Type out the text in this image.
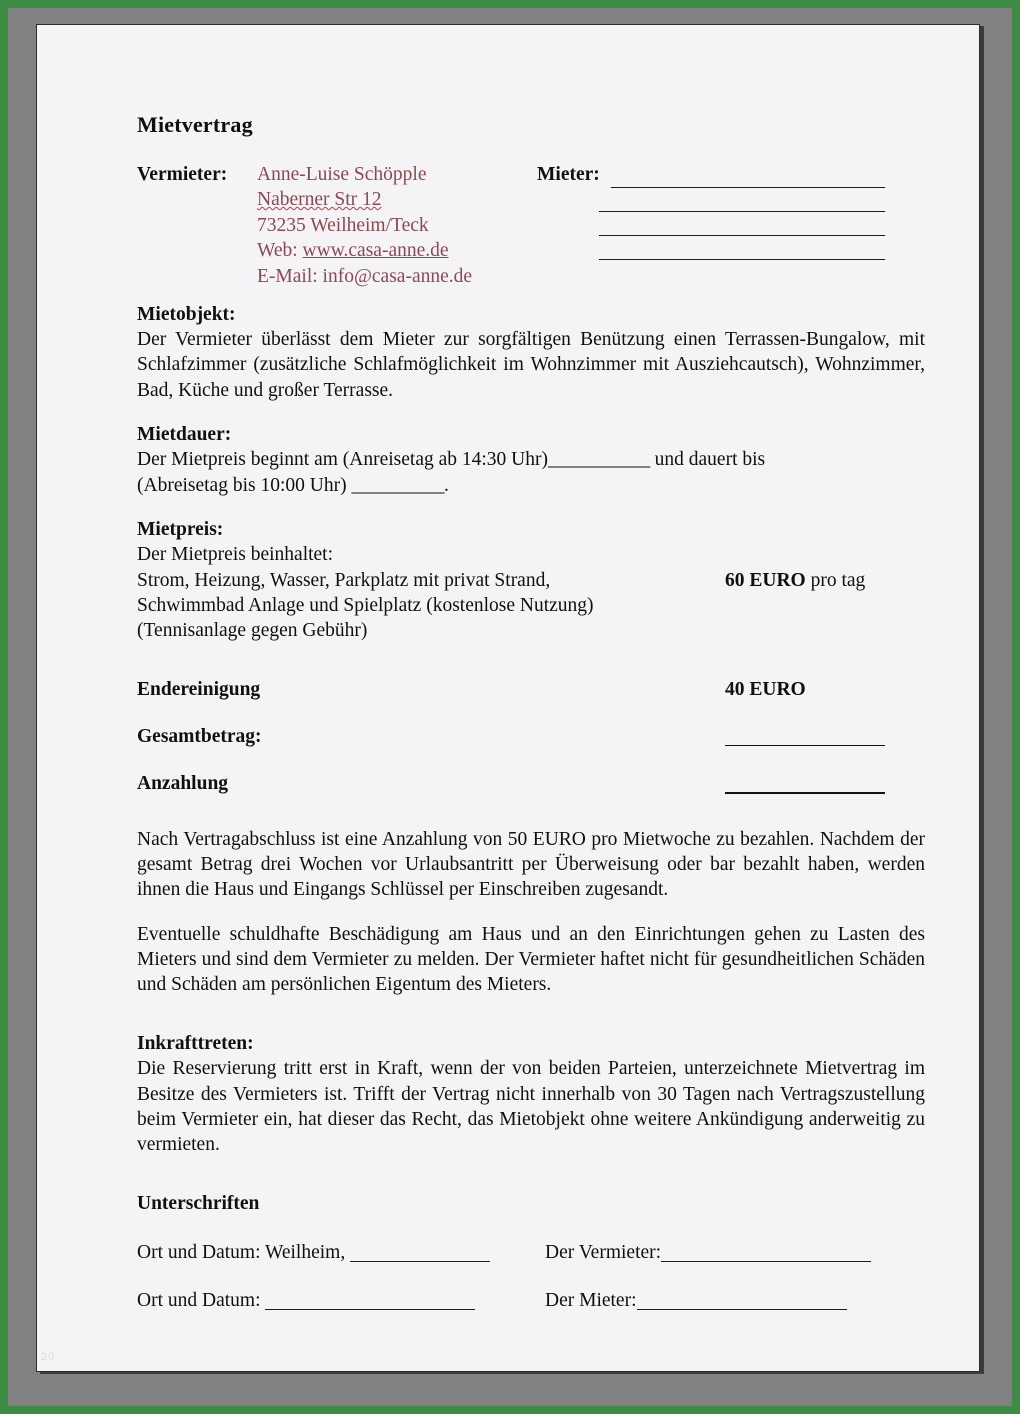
20
Mietvertrag
Vermieter: Anne-Luise Schöpple
Naberner Str 12
73235 Weilheim/Teck
Web: www.casa-anne.de
E-Mail: info@casa-anne.de
Mieter:
Mietobjekt:

Der Vermieter überlässt dem Mieter zur sorgfältigen Benützung einen Terrassen-Bungalow, mit Schlafzimmer (zusätzliche Schlafmöglichkeit im Wohnzimmer mit Ausziehcautsch), Wohnzimmer, Bad, Küche und großer Terrasse.

Mietdauer:

Der Mietpreis beginnt am (Anreisetag ab 14:30 Uhr)___________ und dauert bis

(Abreisetag bis 10:00 Uhr) __________.

Mietpreis:

Der Mietpreis beinhaltet:

Strom, Heizung, Wasser, Parkplatz mit privat Strand,	60 EURO pro tag

Schwimmbad Anlage und Spielplatz (kostenlose Nutzung)

(Tennisanlage gegen Gebühr)

Endereinigung	40 EURO
Gesamtbetrag:
Anzahlung

Nach Vertragabschluss ist eine Anzahlung von 50 EURO pro Mietwoche zu bezahlen. Nachdem der gesamt Betrag drei Wochen vor Urlaubsantritt per Überweisung oder bar bezahlt haben, werden ihnen die Haus und Eingangs Schlüssel per Einschreiben zugesandt.

Eventuelle schuldhafte Beschädigung am Haus und an den Einrichtungen gehen zu Lasten des Mieters und sind dem Vermieter zu melden. Der Vermieter haftet nicht für gesundheitlichen Schäden und Schäden am persönlichen Eigentum des Mieters.

Inkrafttreten:

Die Reservierung tritt erst in Kraft, wenn der von beiden Parteien, unterzeichnete Mietvertrag im Besitze des Vermieters ist. Trifft der Vertrag nicht innerhalb von 30 Tagen nach Vertragszustellung beim Vermieter ein, hat dieser das Recht, das Mietobjekt ohne weitere Ankündigung anderweitig zu vermieten.

Unterschriften
Ort und Datum: Weilheim,	Der Vermieter:
Ort und Datum:	Der Mieter:
